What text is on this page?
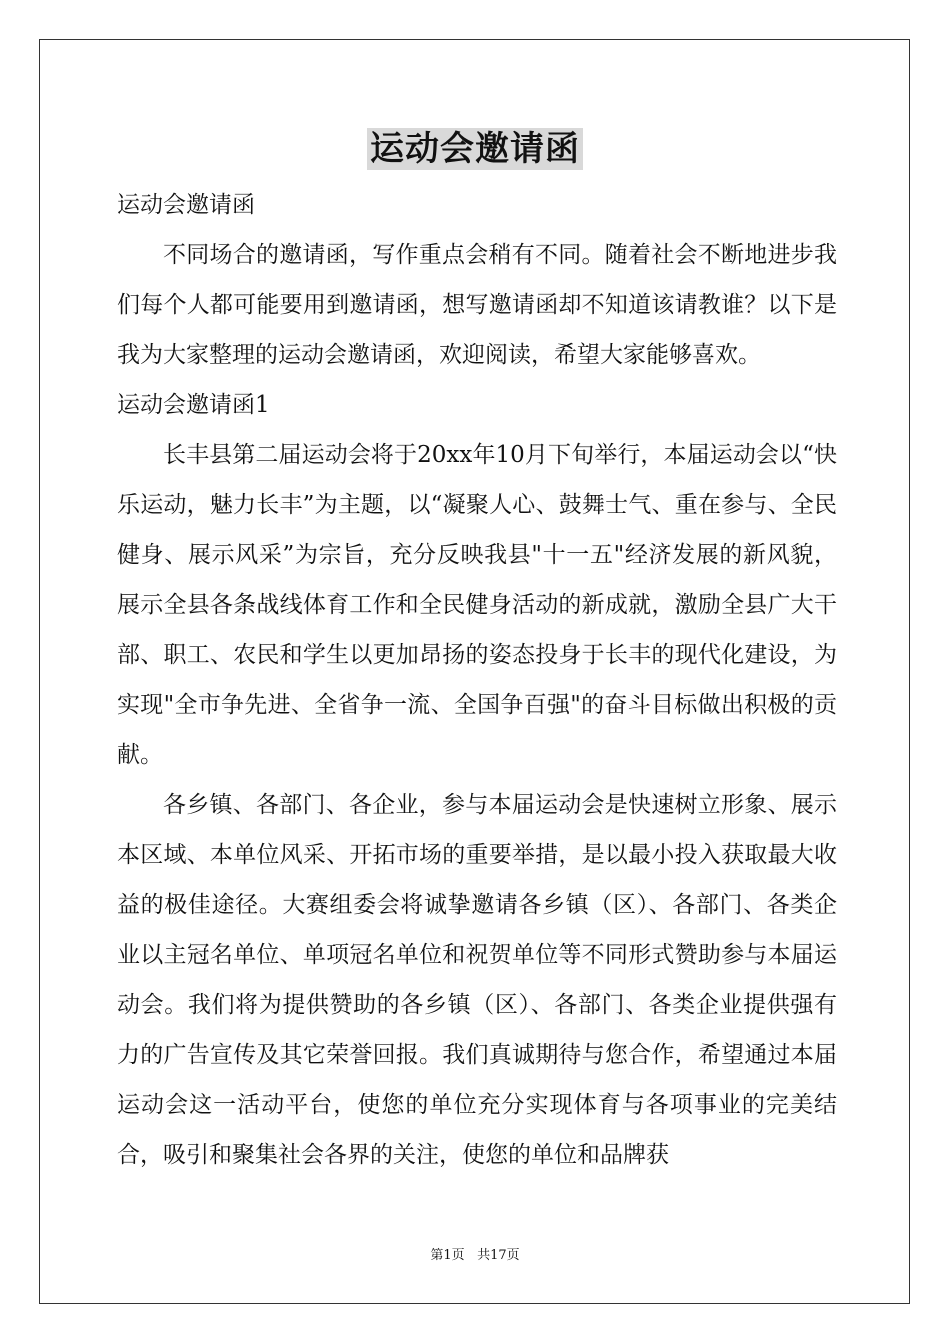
运动会邀请函

运动会邀请函

不同场合的邀请函，写作重点会稍有不同。随着社会不断地进步我们每个人都可能要用到邀请函，想写邀请函却不知道该请教谁？以下是我为大家整理的运动会邀请函，欢迎阅读，希望大家能够喜欢。

运动会邀请函1

长丰县第二届运动会将于20xx年10月下旬举行，本届运动会以“快乐运动，魅力长丰”为主题，以“凝聚人心、鼓舞士气、重在参与、全民健身、展示风采”为宗旨，充分反映我县"十一五"经济发展的新风貌，展示全县各条战线体育工作和全民健身活动的新成就，激励全县广大干部、职工、农民和学生以更加昂扬的姿态投身于长丰的现代化建设，为实现"全市争先进、全省争一流、全国争百强"的奋斗目标做出积极的贡献。

各乡镇、各部门、各企业，参与本届运动会是快速树立形象、展示本区域、本单位风采、开拓市场的重要举措，是以最小投入获取最大收益的极佳途径。大赛组委会将诚挚邀请各乡镇（区）、各部门、各类企业以主冠名单位、单项冠名单位和祝贺单位等不同形式赞助参与本届运动会。我们将为提供赞助的各乡镇（区）、各部门、各类企业提供强有力的广告宣传及其它荣誉回报。我们真诚期待与您合作，希望通过本届运动会这一活动平台，使您的单位充分实现体育与各项事业的完美结合，吸引和聚集社会各界的关注，使您的单位和品牌获

第1页 共17页
